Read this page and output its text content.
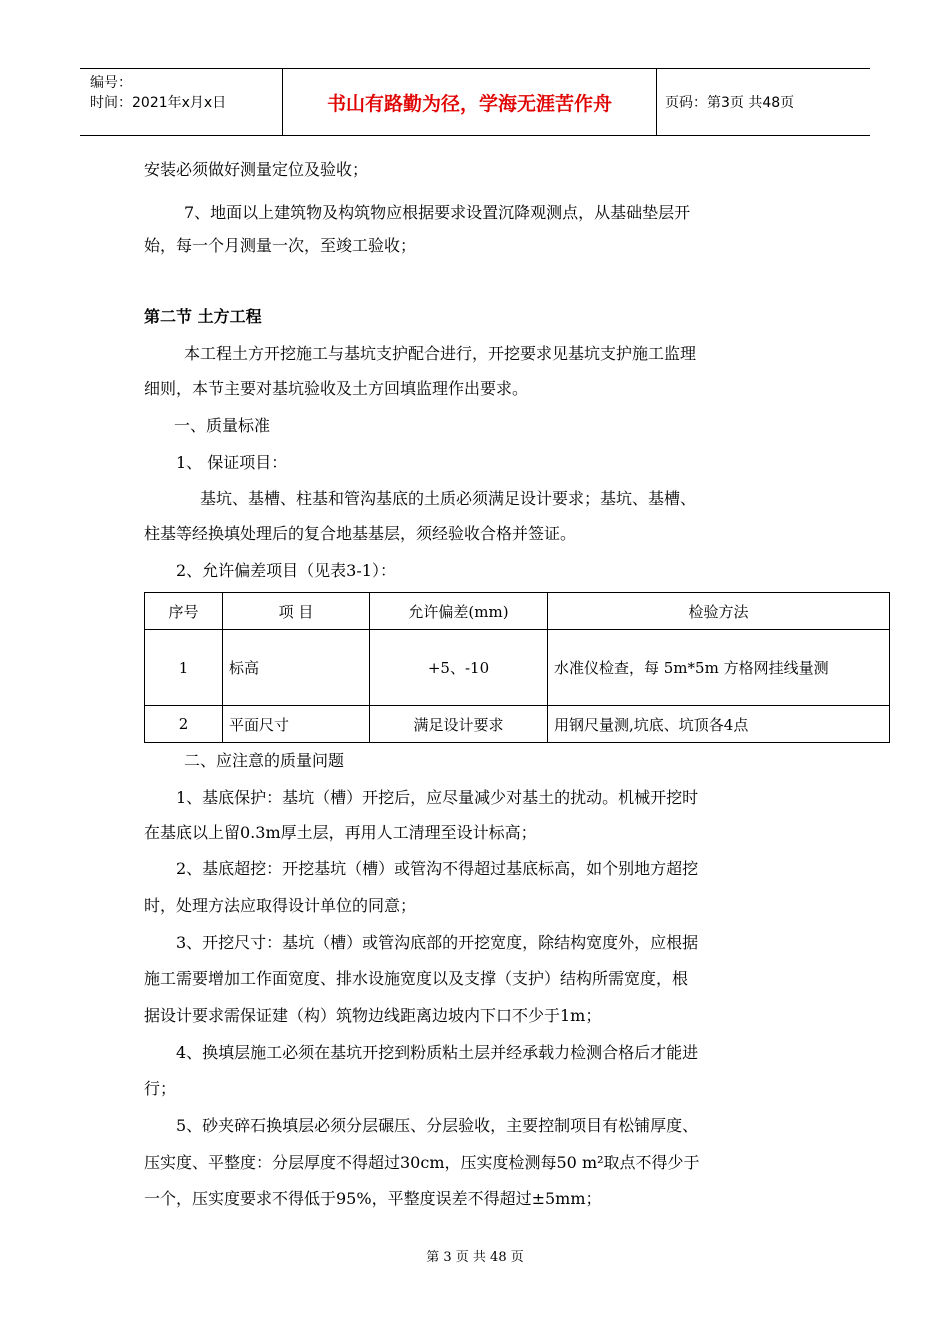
编号：
时间：2021年x月x日	书山有路勤为径，学海无涯苦作舟	页码：第3页 共48页
安装必须做好测量定位及验收；
7、地面以上建筑物及构筑物应根据要求设置沉降观测点，从基础垫层开
始，每一个月测量一次，至竣工验收；
第二节 土方工程
本工程土方开挖施工与基坑支护配合进行，开挖要求见基坑支护施工监理
细则，本节主要对基坑验收及土方回填监理作出要求。
一、质量标准
1、 保证项目：
基坑、基槽、柱基和管沟基底的土质必须满足设计要求；基坑、基槽、
柱基等经换填处理后的复合地基基层，须经验收合格并签证。
2、允许偏差项目（见表3-1）：
序号	项 目	允许偏差(mm)	检验方法
1	标高	+5、-10	水准仪检查，每 5m*5m 方格网挂线量测
2	平面尺寸	满足设计要求	用钢尺量测,坑底、坑顶各4点
二、应注意的质量问题
1、基底保护：基坑（槽）开挖后，应尽量减少对基土的扰动。机械开挖时
在基底以上留0.3m厚土层，再用人工清理至设计标高；
2、基底超挖：开挖基坑（槽）或管沟不得超过基底标高，如个别地方超挖
时，处理方法应取得设计单位的同意；
3、开挖尺寸：基坑（槽）或管沟底部的开挖宽度，除结构宽度外，应根据
施工需要增加工作面宽度、排水设施宽度以及支撑（支护）结构所需宽度，根
据设计要求需保证建（构）筑物边线距离边坡内下口不少于1m；
4、换填层施工必须在基坑开挖到粉质粘土层并经承载力检测合格后才能进
行；
5、砂夹碎石换填层必须分层碾压、分层验收，主要控制项目有松铺厚度、
压实度、平整度：分层厚度不得超过30cm，压实度检测每50 m²取点不得少于
一个，压实度要求不得低于95%，平整度误差不得超过±5mm；
第 3 页 共 48 页
